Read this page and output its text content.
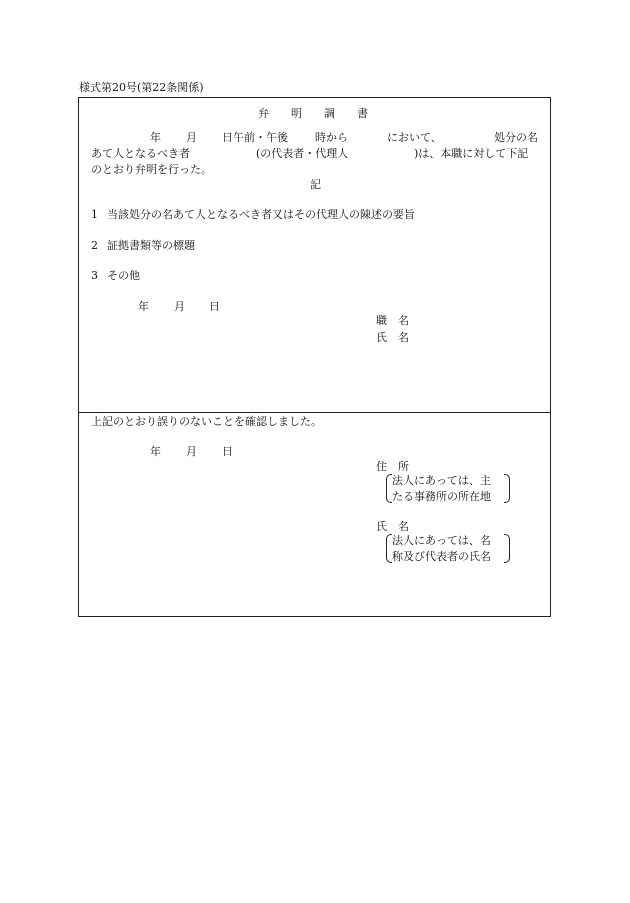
様式第20号(第22条関係)
弁　　明　　調　　書
年 月 日午前・午後 時から	において、	処分の名
あて人となるべき者	(の代表者・代理人	)は、本職に対して下記
のとおり弁明を行った。
記
1 当該処分の名あて人となるべき者又はその代理人の陳述の要旨
2 証拠書類等の標題
3 その他
年 月 日
職　名
氏　名
上記のとおり誤りのないことを確認しました。
年 月 日
住　所
法人にあっては、主
たる事務所の所在地
氏　名
法人にあっては、名
称及び代表者の氏名
